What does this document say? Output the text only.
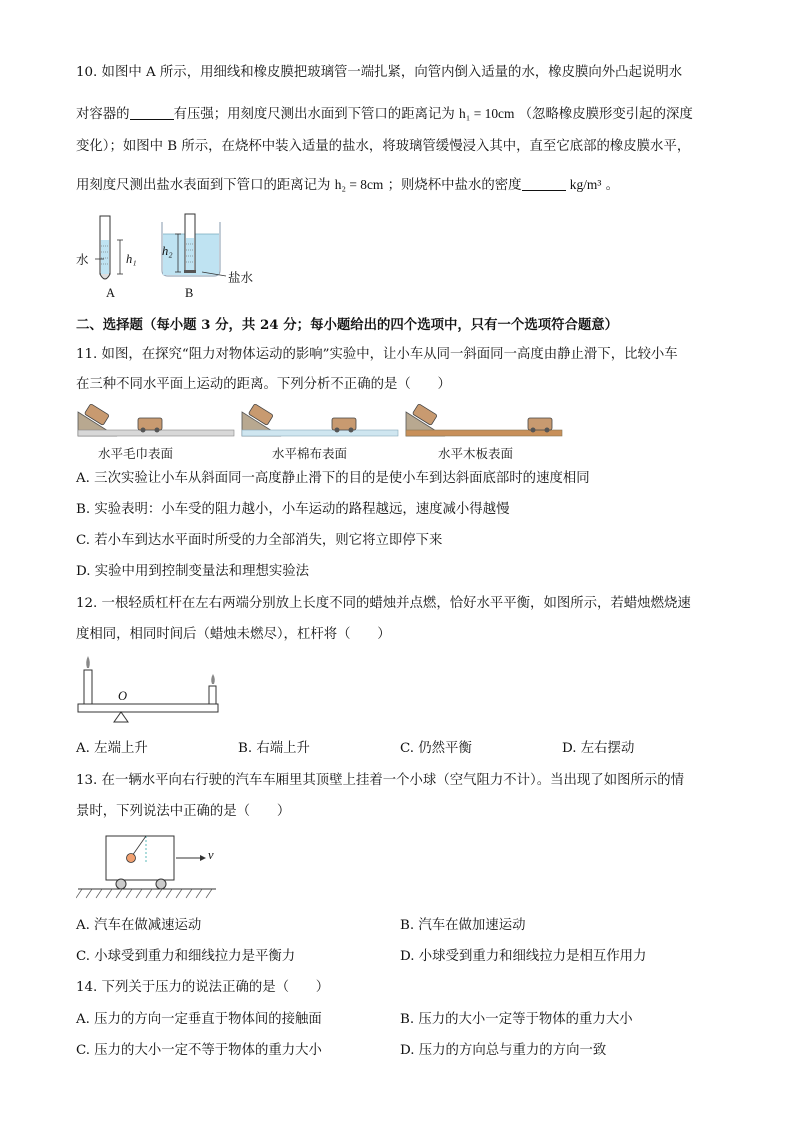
10. 如图中 A 所示，用细线和橡皮膜把玻璃管一端扎紧，向管内倒入适量的水，橡皮膜向外凸起说明水
对容器的	有压强；用刻度尺测出水面到下管口的距离记为 h₁ = 10cm （忽略橡皮膜形变引起的深度
变化）；如图中 B 所示，在烧杯中装入适量的盐水，将玻璃管缓慢浸入其中，直至它底部的橡皮膜水平，
用刻度尺测出盐水表面到下管口的距离记为 h₂ = 8cm ；则烧杯中盐水的密度	kg/m³ 。
水	h₁
h₂
盐水
A	B
二、选择题（每小题 3 分，共 24 分；每小题给出的四个选项中，只有一个选项符合题意）
11. 如图，在探究“阻力对物体运动的影响”实验中，让小车从同一斜面同一高度由静止滑下，比较小车
在三种不同水平面上运动的距离。下列分析不正确的是（　　）
水平毛巾表面	水平棉布表面	水平木板表面
A. 三次实验让小车从斜面同一高度静止滑下的目的是使小车到达斜面底部时的速度相同
B. 实验表明：小车受的阻力越小，小车运动的路程越远，速度减小得越慢
C. 若小车到达水平面时所受的力全部消失，则它将立即停下来
D. 实验中用到控制变量法和理想实验法
12. 一根轻质杠杆在左右两端分别放上长度不同的蜡烛并点燃，恰好水平平衡，如图所示，若蜡烛燃烧速
度相同，相同时间后（蜡烛未燃尽），杠杆将（　　）
O
A. 左端上升	B. 右端上升	C. 仍然平衡	D. 左右摆动
13. 在一辆水平向右行驶的汽车车厢里其顶壁上挂着一个小球（空气阻力不计）。当出现了如图所示的情
景时，下列说法中正确的是（　　）
v
A. 汽车在做减速运动	B. 汽车在做加速运动
C. 小球受到重力和细线拉力是平衡力	D. 小球受到重力和细线拉力是相互作用力
14. 下列关于压力的说法正确的是（　　）
A. 压力的方向一定垂直于物体间的接触面	B. 压力的大小一定等于物体的重力大小
C. 压力的大小一定不等于物体的重力大小	D. 压力的方向总与重力的方向一致
